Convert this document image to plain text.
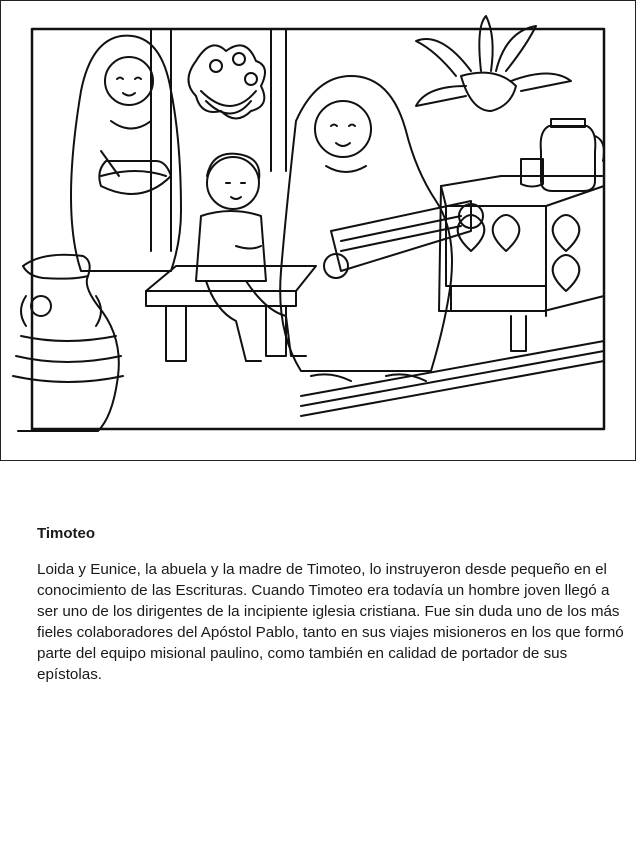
Timoteo

Loida y Eunice, la abuela y la madre de Timoteo, lo instruyeron desde pequeño en el conocimiento de las Escrituras. Cuando Timoteo era todavía un hombre joven llegó a ser uno de los dirigentes de la incipiente iglesia cristiana. Fue sin duda uno de los más fieles colaboradores del Apóstol Pablo, tanto en sus viajes misioneros en los que formó parte del equipo misional paulino, como también en calidad de portador de sus epístolas.
